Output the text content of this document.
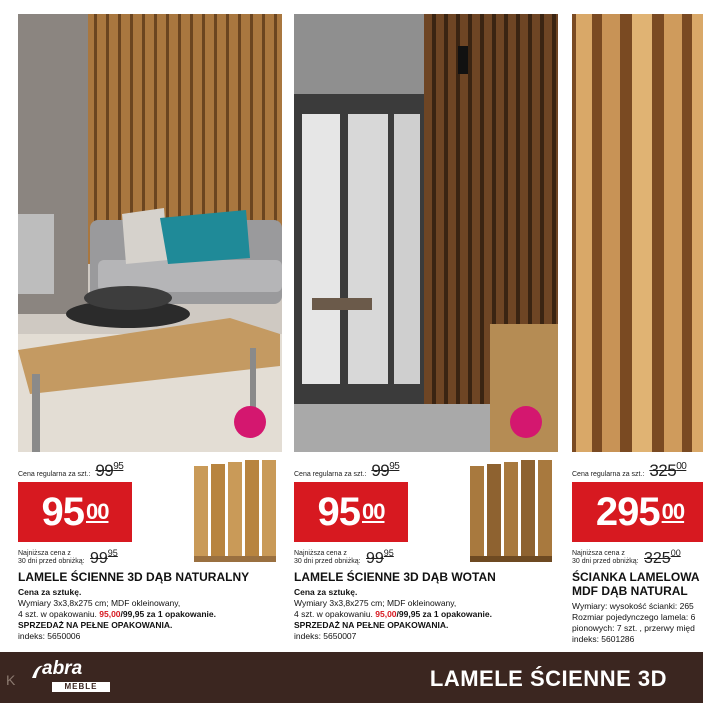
Cena regularna za szt.: $99^{95}$
95 00
Najniższa cena z
30 dni przed obniżką: $99^{95}$
LAMELE ŚCIENNE 3D DĄB NATURALNY
Cena za sztukę.
Wymiary 3x3,8x275 cm; MDF okleinowany,
4 szt. w opakowaniu. 95,00/99,95 za 1 opakowanie.
SPRZEDAŻ NA PEŁNE OPAKOWANIA.
indeks: 5650006
Cena regularna za szt.: $99^{95}$
95 00
Najniższa cena z
30 dni przed obniżką: $99^{95}$
LAMELE ŚCIENNE 3D DĄB WOTAN
Cena za sztukę.
Wymiary 3x3,8x275 cm; MDF okleinowany,
4 szt. w opakowaniu. 95,00/99,95 za 1 opakowanie.
SPRZEDAŻ NA PEŁNE OPAKOWANIA.
indeks: 5650007
Cena regularna za szt.: $325^{00}$
295 00
Najniższa cena z
30 dni przed obniżką: $325^{00}$
ŚCIANKA LAMELOWA
MDF DĄB NATURAL
Wymiary: wysokość ścianki: 265
Rozmiar pojedynczego lamela: 6
pionowych: 7 szt. , przerwy międ
indeks: 5601286
K
abra
MEBLE	LAMELE ŚCIENNE 3D
